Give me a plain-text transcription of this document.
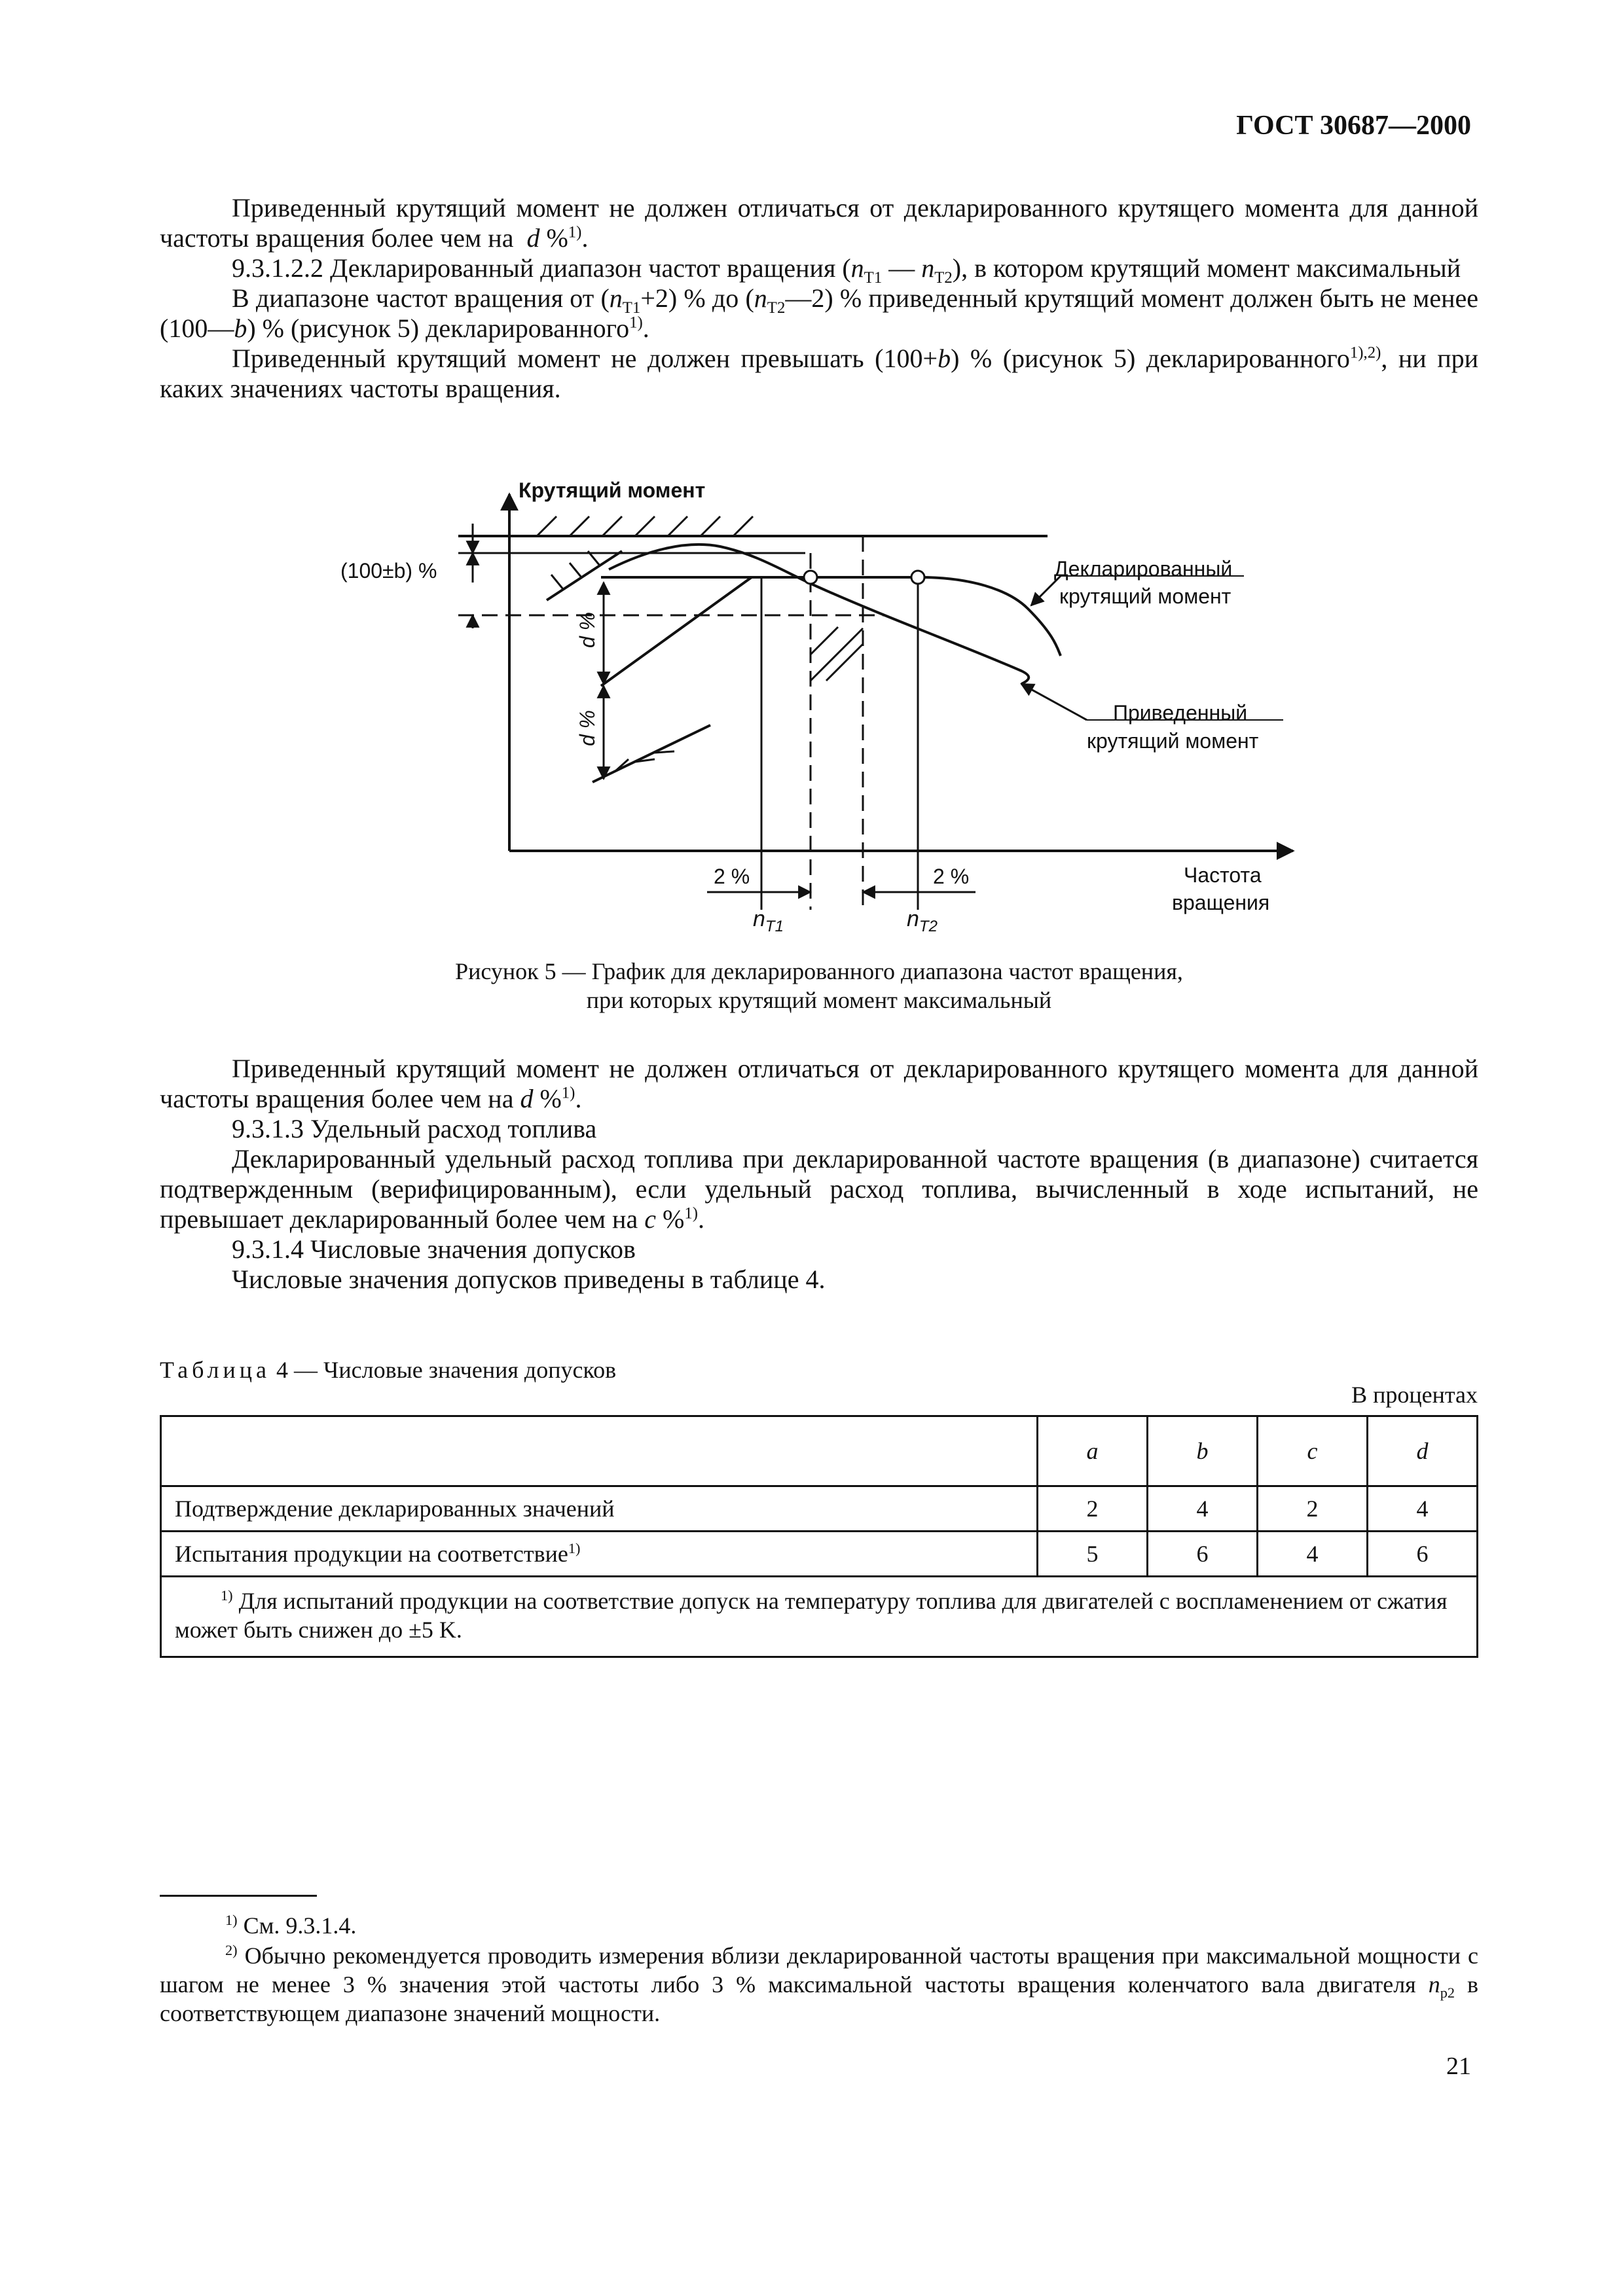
ГОСТ 30687—2000

Приведенный крутящий момент не должен отличаться от декларированного крутящего момента для данной частоты вращения более чем на d %$^{1)}$.

9.3.1.2.2 Декларированный диапазон частот вращения ($n_{T1}$ — $n_{T2}$), в котором крутящий момент максимальный

В диапазоне частот вращения от $(n_{T1}+2)$ % до $(n_{T2}—2)$ % приведенный крутящий момент должен быть не менее (100—b) % (рисунок 5) декларированного$^{1)}$.

Приведенный крутящий момент не должен превышать (100+b) % (рисунок 5) декларированного$^{1),2)}$, ни при каких значениях частоты вращения.

Крутящий момент
(100±b) %
d %
d %
Декларированный
крутящий момент
Приведенный
крутящий момент
2 %	2 %
$n_{T1}$	$n_{T2}$
Частота
вращения
Рисунок 5 — График для декларированного диапазона частот вращения,
при которых крутящий момент максимальный

Приведенный крутящий момент не должен отличаться от декларированного крутящего момента для данной частоты вращения более чем на d %$^{1)}$.

9.3.1.3 Удельный расход топлива

Декларированный удельный расход топлива при декларированной частоте вращения (в диапазоне) считается подтвержденным (верифицированным), если удельный расход топлива, вычисленный в ходе испытаний, не превышает декларированный более чем на c %$^{1)}$.

9.3.1.4 Числовые значения допусков

Числовые значения допусков приведены в таблице 4.

Таблица 4 — Числовые значения допусков
В процентах
	a	b	c	d
Подтверждение декларированных значений	2	4	2	4
Испытания продукции на соответствие$^{1)}$	5	6	4	6
$^{1)}$ Для испытаний продукции на соответствие допуск на температуру топлива для двигателей с воспламенением от сжатия может быть снижен до ±5 K.				

$^{1)}$ См. 9.3.1.4.

$^{2)}$ Обычно рекомендуется проводить измерения вблизи декларированной частоты вращения при максимальной мощности с шагом не менее 3 % значения этой частоты либо 3 % максимальной частоты вращения коленчатого вала двигателя $n_{p2}$ в соответствующем диапазоне значений мощности.

21
